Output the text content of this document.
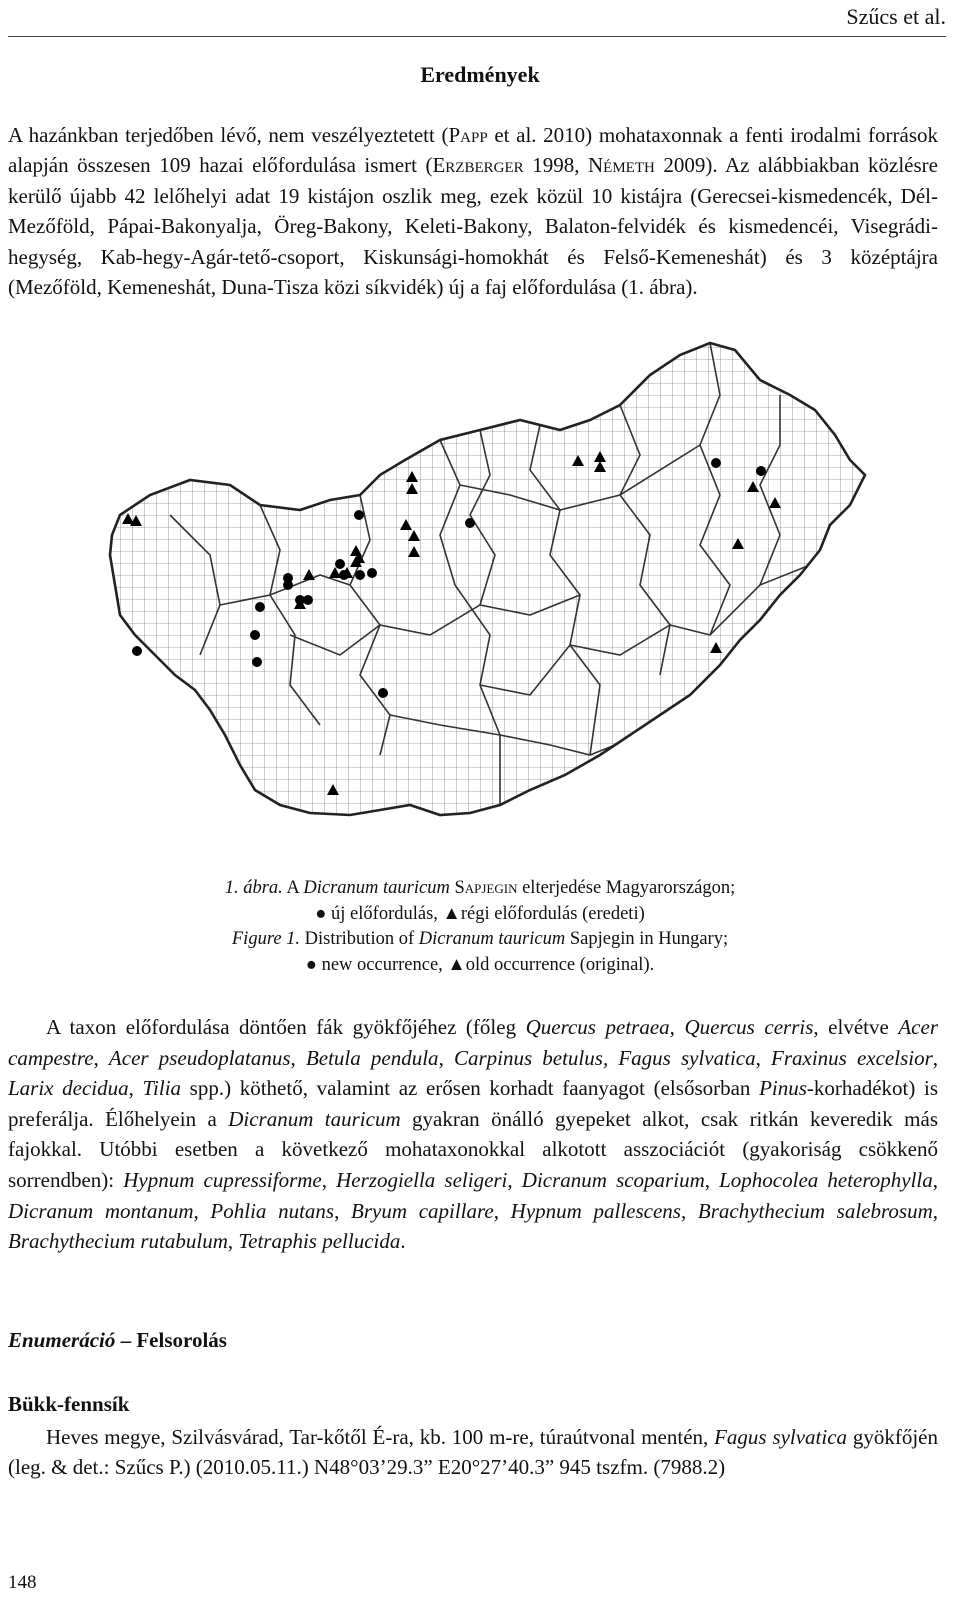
Szűcs et al.
Eredmények
A hazánkban terjedőben lévő, nem veszélyeztetett (Papp et al. 2010) mohataxonnak a fenti irodalmi források alapján összesen 109 hazai előfordulása ismert (Erzberger 1998, Németh 2009). Az alábbiakban közlésre kerülő újabb 42 lelőhelyi adat 19 kistájon oszlik meg, ezek közül 10 kistájra (Gerecsei-kismedencék, Dél-Mezőföld, Pápai-Bakonyalja, Öreg-Bakony, Keleti-Bakony, Balaton-felvidék és kismedencéi, Visegrádi-hegység, Kab-hegy-Agár-tető-csoport, Kiskunsági-homokhát és Felső-Kemeneshát) és 3 középtájra (Mezőföld, Kemeneshát, Duna-Tisza közi síkvidék) új a faj előfordulása (1. ábra).
1. ábra. A Dicranum tauricum Sapjegin elterjedése Magyarországon;
● új előfordulás, ▲régi előfordulás (eredeti)
Figure 1. Distribution of Dicranum tauricum Sapjegin in Hungary;
● new occurrence, ▲old occurrence (original).
A taxon előfordulása döntően fák gyökfőjéhez (főleg Quercus petraea, Quercus cerris, elvétve Acer campestre, Acer pseudoplatanus, Betula pendula, Carpinus betulus, Fagus sylvatica, Fraxinus excelsior, Larix decidua, Tilia spp.) köthető, valamint az erősen korhadt faanyagot (elsősorban Pinus-korhadékot) is preferálja. Élőhelyein a Dicranum tauricum gyakran önálló gyepeket alkot, csak ritkán keveredik más fajokkal. Utóbbi esetben a következő mohataxonokkal alkotott asszociációt (gyakoriság csökkenő sorrendben): Hypnum cupressiforme, Herzogiella seligeri, Dicranum scoparium, Lophocolea heterophylla, Dicranum montanum, Pohlia nutans, Bryum capillare, Hypnum pallescens, Brachythecium salebrosum, Brachythecium rutabulum, Tetraphis pellucida.
Enumeráció – Felsorolás
Bükk-fennsík
Heves megye, Szilvásvárad, Tar-kőtől É-ra, kb. 100 m-re, túraútvonal mentén, Fagus sylvatica gyökfőjén (leg. & det.: Szűcs P.) (2010.05.11.) N48°03’29.3” E20°27’40.3” 945 tszfm. (7988.2)
148
